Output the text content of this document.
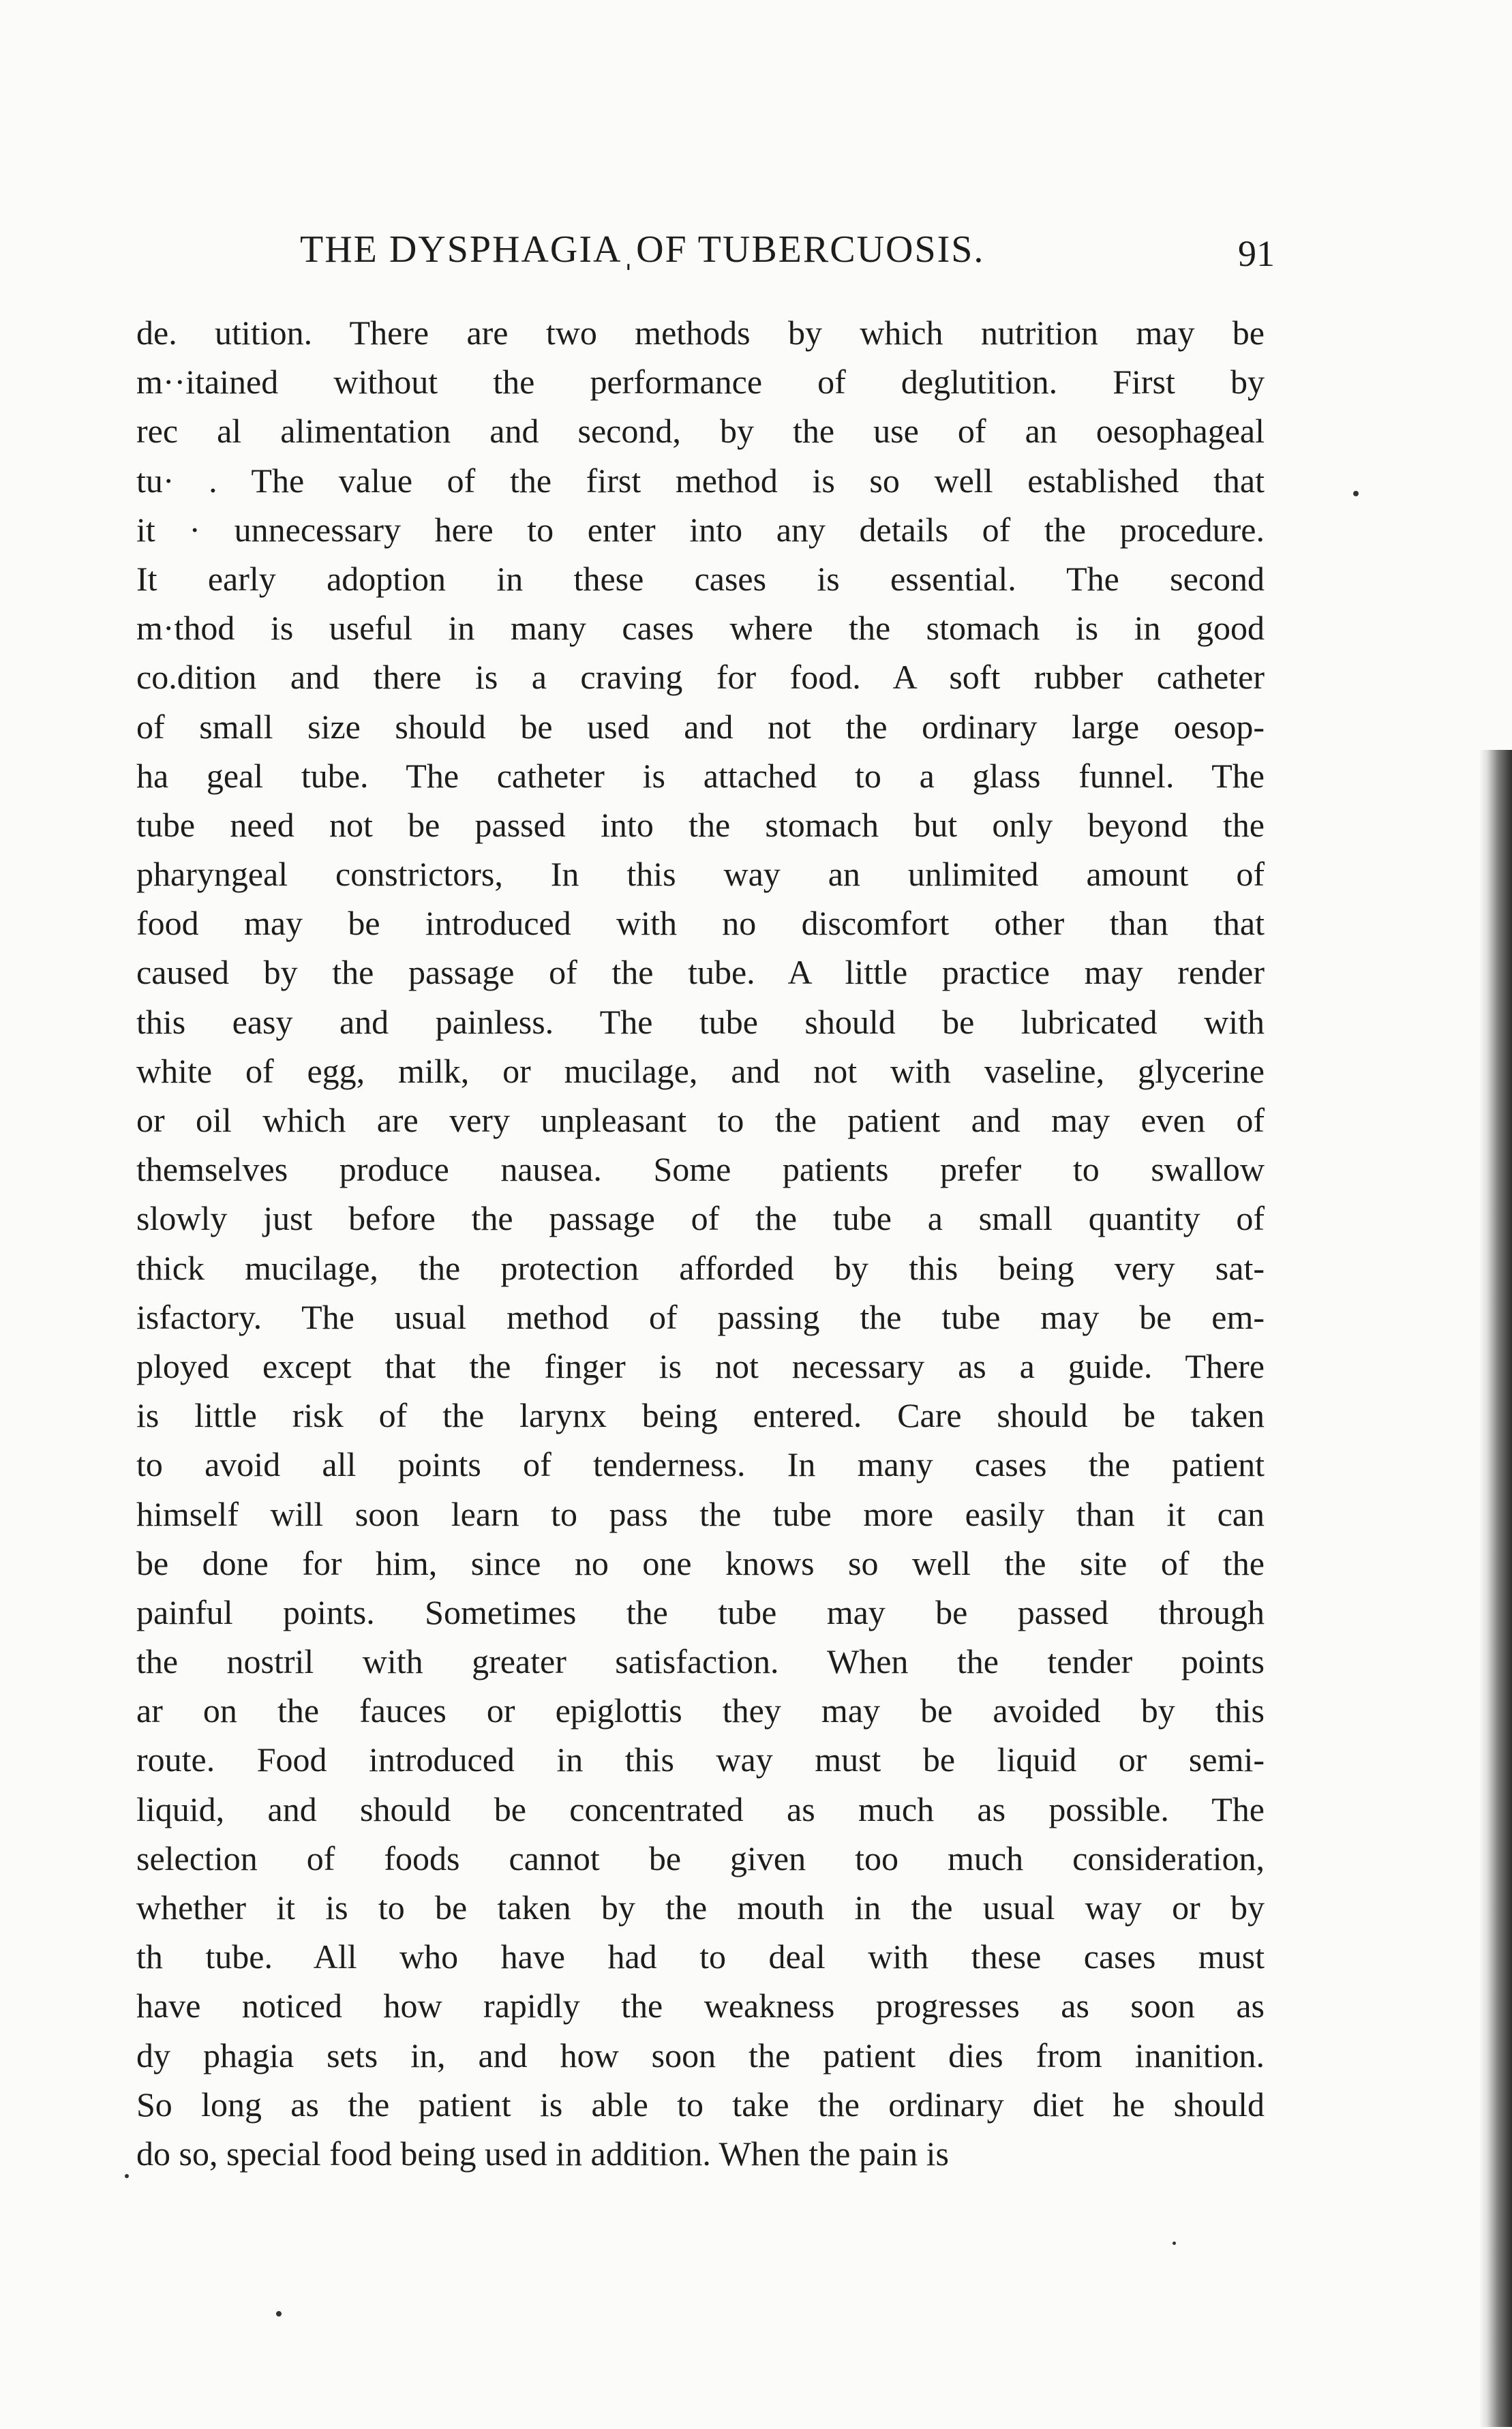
THE DYSPHAGIAˌOF TUBERCUOSIS.	91
de. utition. There are two methods by which nutrition may be
m··itained without the performance of deglutition. First by
rec al alimentation and second, by the use of an oesophageal
tu· . The value of the first method is so well established that
it · unnecessary here to enter into any details of the procedure.
It early adoption in these cases is essential. The second
m·thod is useful in many cases where the stomach is in good
co.dition and there is a craving for food. A soft rubber catheter
of small size should be used and not the ordinary large oesop-
ha geal tube. The catheter is attached to a glass funnel. The
tube need not be passed into the stomach but only beyond the
pharyngeal constrictors, In this way an unlimited amount of
food may be introduced with no discomfort other than that
caused by the passage of the tube. A little practice may render
this easy and painless. The tube should be lubricated with
white of egg, milk, or mucilage, and not with vaseline, glycerine
or oil which are very unpleasant to the patient and may even of
themselves produce nausea. Some patients prefer to swallow
slowly just before the passage of the tube a small quantity of
thick mucilage, the protection afforded by this being very sat-
isfactory. The usual method of passing the tube may be em-
ployed except that the finger is not necessary as a guide. There
is little risk of the larynx being entered. Care should be taken
to avoid all points of tenderness. In many cases the patient
himself will soon learn to pass the tube more easily than it can
be done for him, since no one knows so well the site of the
painful points. Sometimes the tube may be passed through
the nostril with greater satisfaction. When the tender points
ar on the fauces or epiglottis they may be avoided by this
route. Food introduced in this way must be liquid or semi-
liquid, and should be concentrated as much as possible. The
selection of foods cannot be given too much consideration,
whether it is to be taken by the mouth in the usual way or by
th tube. All who have had to deal with these cases must
have noticed how rapidly the weakness progresses as soon as
dy phagia sets in, and how soon the patient dies from inanition.
So long as the patient is able to take the ordinary diet he should
do so, special food being used in addition. When the pain is
